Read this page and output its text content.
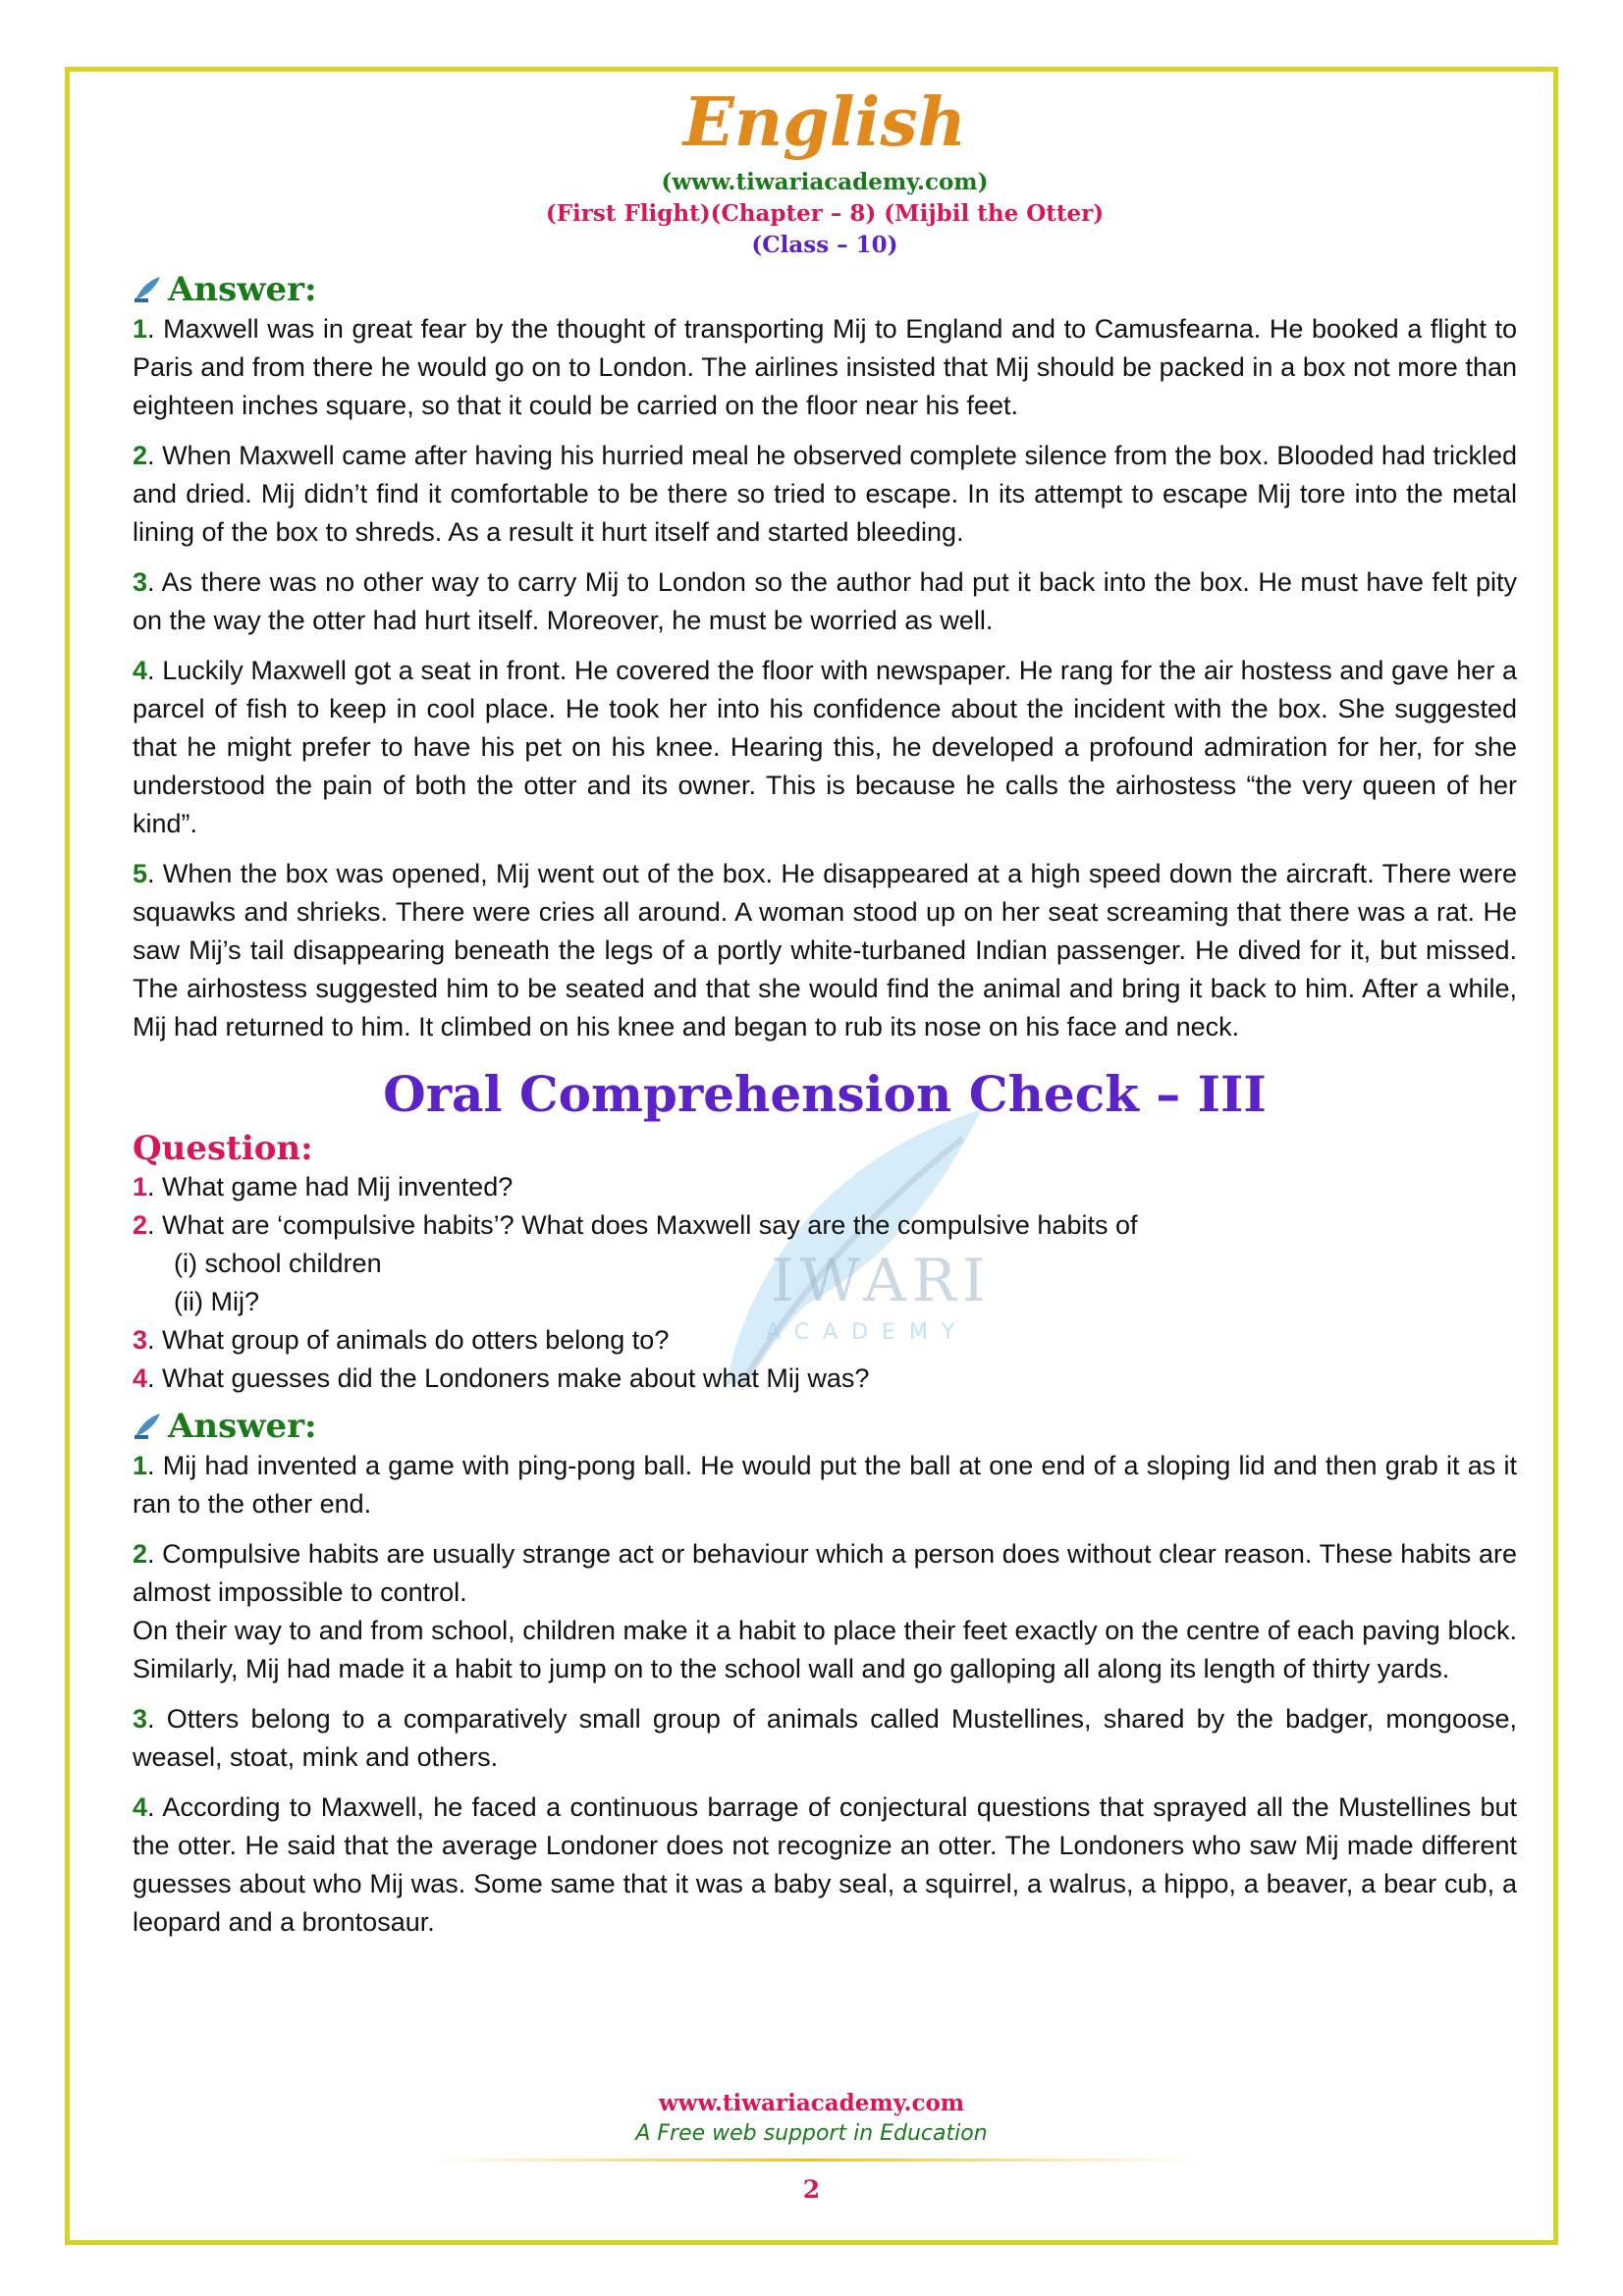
IWARI
ACADEMY
English
(www.tiwariacademy.com)
(First Flight)(Chapter – 8) (Mijbil the Otter)
(Class – 10)
Answer:

1. Maxwell was in great fear by the thought of transporting Mij to England and to Camusfearna. He booked a flight to Paris and from there he would go on to London. The airlines insisted that Mij should be packed in a box not more than eighteen inches square, so that it could be carried on the floor near his feet.

2. When Maxwell came after having his hurried meal he observed complete silence from the box. Blooded had trickled and dried. Mij didn’t find it comfortable to be there so tried to escape. In its attempt to escape Mij tore into the metal lining of the box to shreds. As a result it hurt itself and started bleeding.

3. As there was no other way to carry Mij to London so the author had put it back into the box. He must have felt pity on the way the otter had hurt itself. Moreover, he must be worried as well.

4. Luckily Maxwell got a seat in front. He covered the floor with newspaper. He rang for the air hostess and gave her a parcel of fish to keep in cool place. He took her into his confidence about the incident with the box. She suggested that he might prefer to have his pet on his knee. Hearing this, he developed a profound admiration for her, for she understood the pain of both the otter and its owner. This is because he calls the airhostess “the very queen of her kind”.

5. When the box was opened, Mij went out of the box. He disappeared at a high speed down the aircraft. There were squawks and shrieks. There were cries all around. A woman stood up on her seat screaming that there was a rat. He saw Mij’s tail disappearing beneath the legs of a portly white-turbaned Indian passenger. He dived for it, but missed. The airhostess suggested him to be seated and that she would find the animal and bring it back to him. After a while, Mij had returned to him. It climbed on his knee and began to rub its nose on his face and neck.

Oral Comprehension Check – III
Question:
1. What game had Mij invented?
2. What are ‘compulsive habits’? What does Maxwell say are the compulsive habits of
(i) school children
(ii) Mij?
3. What group of animals do otters belong to?
4. What guesses did the Londoners make about what Mij was?
Answer:

1. Mij had invented a game with ping-pong ball. He would put the ball at one end of a sloping lid and then grab it as it ran to the other end.

2. Compulsive habits are usually strange act or behaviour which a person does without clear reason. These habits are almost impossible to control.

On their way to and from school, children make it a habit to place their feet exactly on the centre of each paving block. Similarly, Mij had made it a habit to jump on to the school wall and go galloping all along its length of thirty yards.

3. Otters belong to a comparatively small group of animals called Mustellines, shared by the badger, mongoose, weasel, stoat, mink and others.

4. According to Maxwell, he faced a continuous barrage of conjectural questions that sprayed all the Mustellines but the otter. He said that the average Londoner does not recognize an otter. The Londoners who saw Mij made different guesses about who Mij was. Some same that it was a baby seal, a squirrel, a walrus, a hippo, a beaver, a bear cub, a leopard and a brontosaur.

www.tiwariacademy.com
A Free web support in Education
2
